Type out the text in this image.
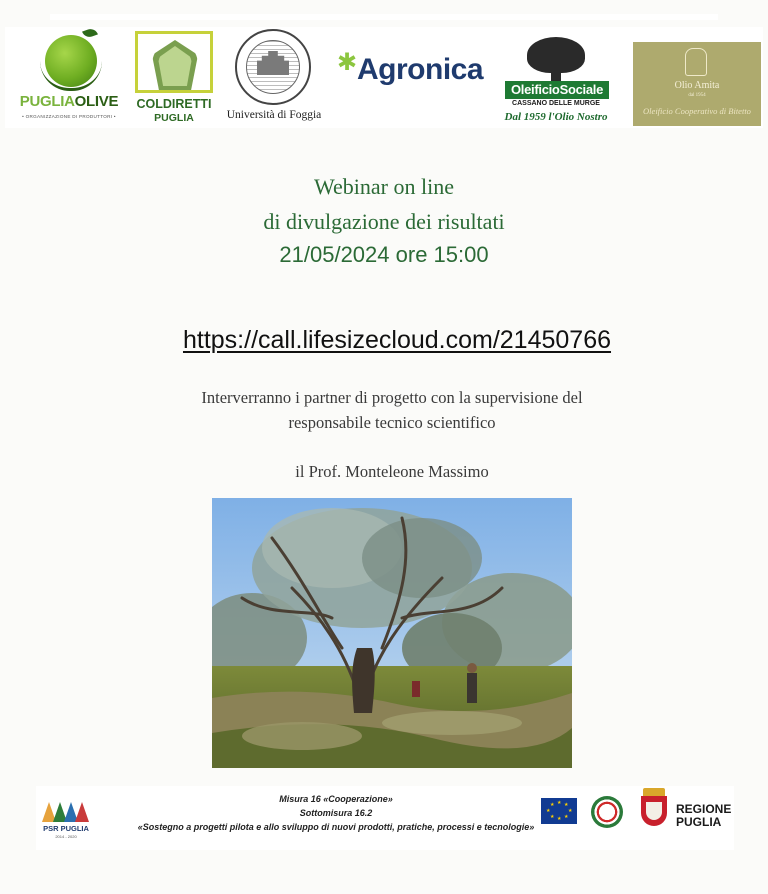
PUGLIAOLIVE
• ORGANIZZAZIONE DI PRODUTTORI •
COLDIRETTI
PUGLIA	Università di Foggia
✱ Agronica
OleificioSociale
CASSANO DELLE MURGE
Dal 1959 l'Olio Nostro
Olio Amita
dal 1954
Oleificio Cooperativo di Bitetto
Webinar on line
di divulgazione dei risultati
21/05/2024 ore 15:00
https://call.lifesizecloud.com/21450766
Interverranno i partner di progetto con la supervisione del
responsabile tecnico scientifico
il Prof. Monteleone Massimo
PSR PUGLIA
2014 - 2020
Misura 16 «Cooperazione»
Sottomisura 16.2
«Sostegno a progetti pilota e allo sviluppo di nuovi prodotti, pratiche, processi e tecnologie»
★ ★
★
★
★
★
★
★	REGIONE
PUGLIA
